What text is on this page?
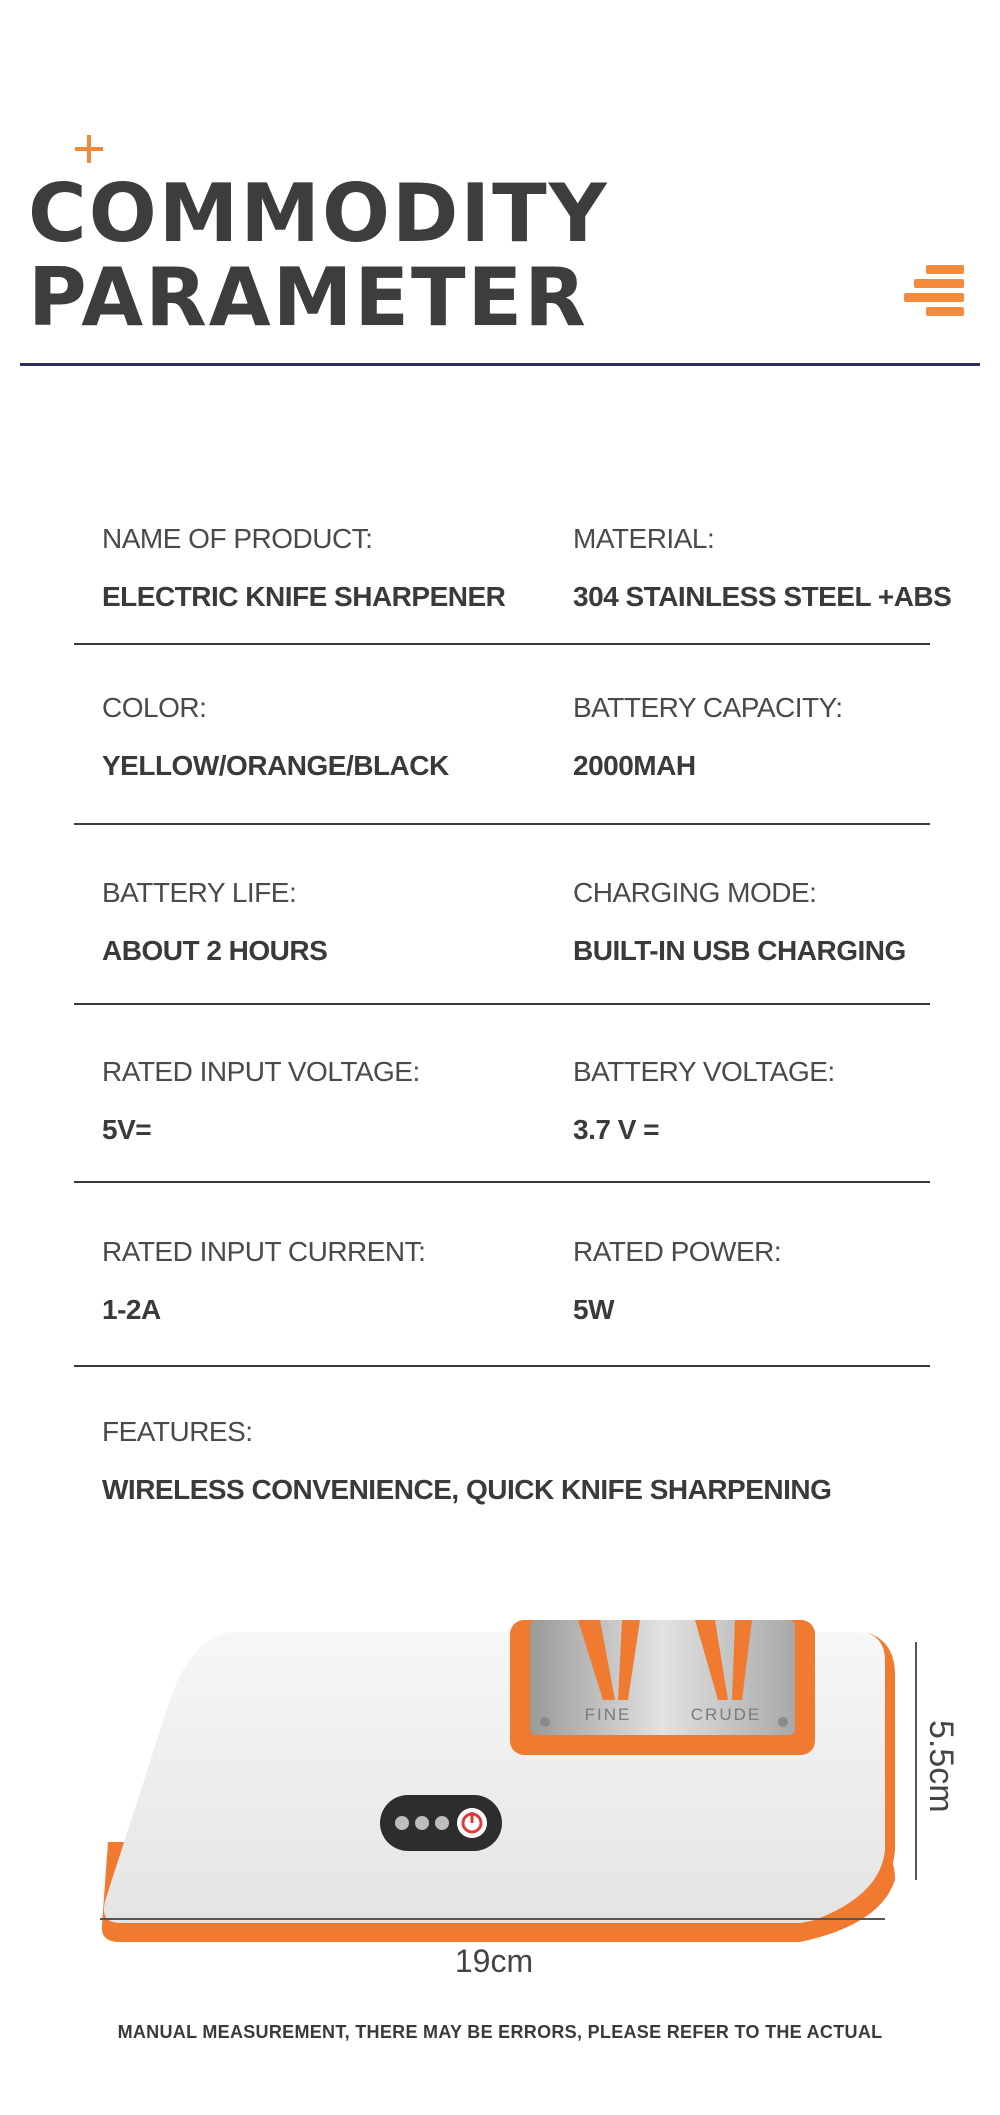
COMMODITY
PARAMETER
NAME OF PRODUCT:
ELECTRIC KNIFE SHARPENER
MATERIAL:
304 STAINLESS STEEL +ABS
COLOR:
YELLOW/ORANGE/BLACK
BATTERY CAPACITY:
2000MAH
BATTERY LIFE:
ABOUT 2 HOURS
CHARGING MODE:
BUILT-IN USB CHARGING
RATED INPUT VOLTAGE:
5V=
BATTERY VOLTAGE:
3.7 V =
RATED INPUT CURRENT:
1-2A
RATED POWER:
5W
FEATURES:
WIRELESS CONVENIENCE, QUICK KNIFE SHARPENING
FINE	CRUDE
5.5cm
19cm
MANUAL MEASUREMENT, THERE MAY BE ERRORS, PLEASE REFER TO THE ACTUAL
